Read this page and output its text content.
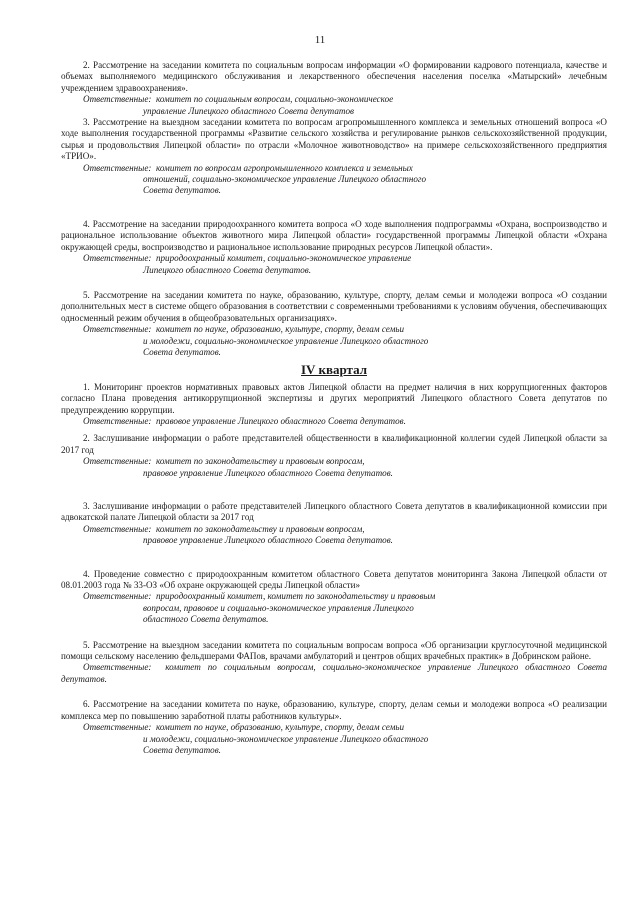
11

2. Рассмотрение на заседании комитета по социальным вопросам информации «О формировании кадрового потенциала, качестве и объемах выполняемого медицинского обслуживания и лекарственного обеспечения населения поселка «Матырский» лечебным учреждением здравоохранения».

Ответственные: комитет по социальным вопросам, социально-экономическое
управление Липецкого областного Совета депутатов

3. Рассмотрение на выездном заседании комитета по вопросам агропромышленного комплекса и земельных отношений вопроса «О ходе выполнения государственной программы «Развитие сельского хозяйства и регулирование рынков сельскохозяйственной продукции, сырья и продовольствия Липецкой области» по отрасли «Молочное животноводство» на примере сельскохозяйственного предприятия «ТРИО».

Ответственные: комитет по вопросам агропромышленного комплекса и земельных
отношений, социально-экономическое управление Липецкого областного
Совета депутатов.

4. Рассмотрение на заседании природоохранного комитета вопроса «О ходе выполнения подпрограммы «Охрана, воспроизводство и рациональное использование объектов животного мира Липецкой области» государственной программы Липецкой области «Охрана окружающей среды, воспроизводство и рациональное использование природных ресурсов Липецкой области».

Ответственные: природоохранный комитет, социально-экономическое управление
Липецкого областного Совета депутатов.

5. Рассмотрение на заседании комитета по науке, образованию, культуре, спорту, делам семьи и молодежи вопроса «О создании дополнительных мест в системе общего образования в соответствии с современными требованиями к условиям обучения, обеспечивающих односменный режим обучения в общеобразовательных организациях».

Ответственные: комитет по науке, образованию, культуре, спорту, делам семьи
и молодежи, социально-экономическое управление Липецкого областного
Совета депутатов.

IV квартал

1. Мониторинг проектов нормативных правовых актов Липецкой области на предмет наличия в них коррупциогенных факторов согласно Плана проведения антикоррупционной экспертизы и других мероприятий Липецкого областного Совета депутатов по предупреждению коррупции.

Ответственные: правовое управление Липецкого областного Совета депутатов.

2. Заслушивание информации о работе представителей общественности в квалификационной коллегии судей Липецкой области за 2017 год

Ответственные: комитет по законодательству и правовым вопросам,
правовое управление Липецкого областного Совета депутатов.

3. Заслушивание информации о работе представителей Липецкого областного Совета депутатов в квалификационной комиссии при адвокатской палате Липецкой области за 2017 год

Ответственные: комитет по законодательству и правовым вопросам,
правовое управление Липецкого областного Совета депутатов.

4. Проведение совместно с природоохранным комитетом областного Совета депутатов мониторинга Закона Липецкой области от 08.01.2003 года № 33-ОЗ «Об охране окружающей среды Липецкой области»

Ответственные: природоохранный комитет, комитет по законодательству и правовым
вопросам, правовое и социально-экономическое управления Липецкого
областного Совета депутатов.

5. Рассмотрение на выездном заседании комитета по социальным вопросам вопроса «Об организации круглосуточной медицинской помощи сельскому населению фельдшерами ФАПов, врачами амбулаторий и центров общих врачебных практик» в Добринском районе.

Ответственные: комитет по социальным вопросам, социально-экономическое управление Липецкого областного Совета депутатов.

6. Рассмотрение на заседании комитета по науке, образованию, культуре, спорту, делам семьи и молодежи вопроса «О реализации комплекса мер по повышению заработной платы работников культуры».

Ответственные: комитет по науке, образованию, культуре, спорту, делам семьи
и молодежи, социально-экономическое управление Липецкого областного
Совета депутатов.
